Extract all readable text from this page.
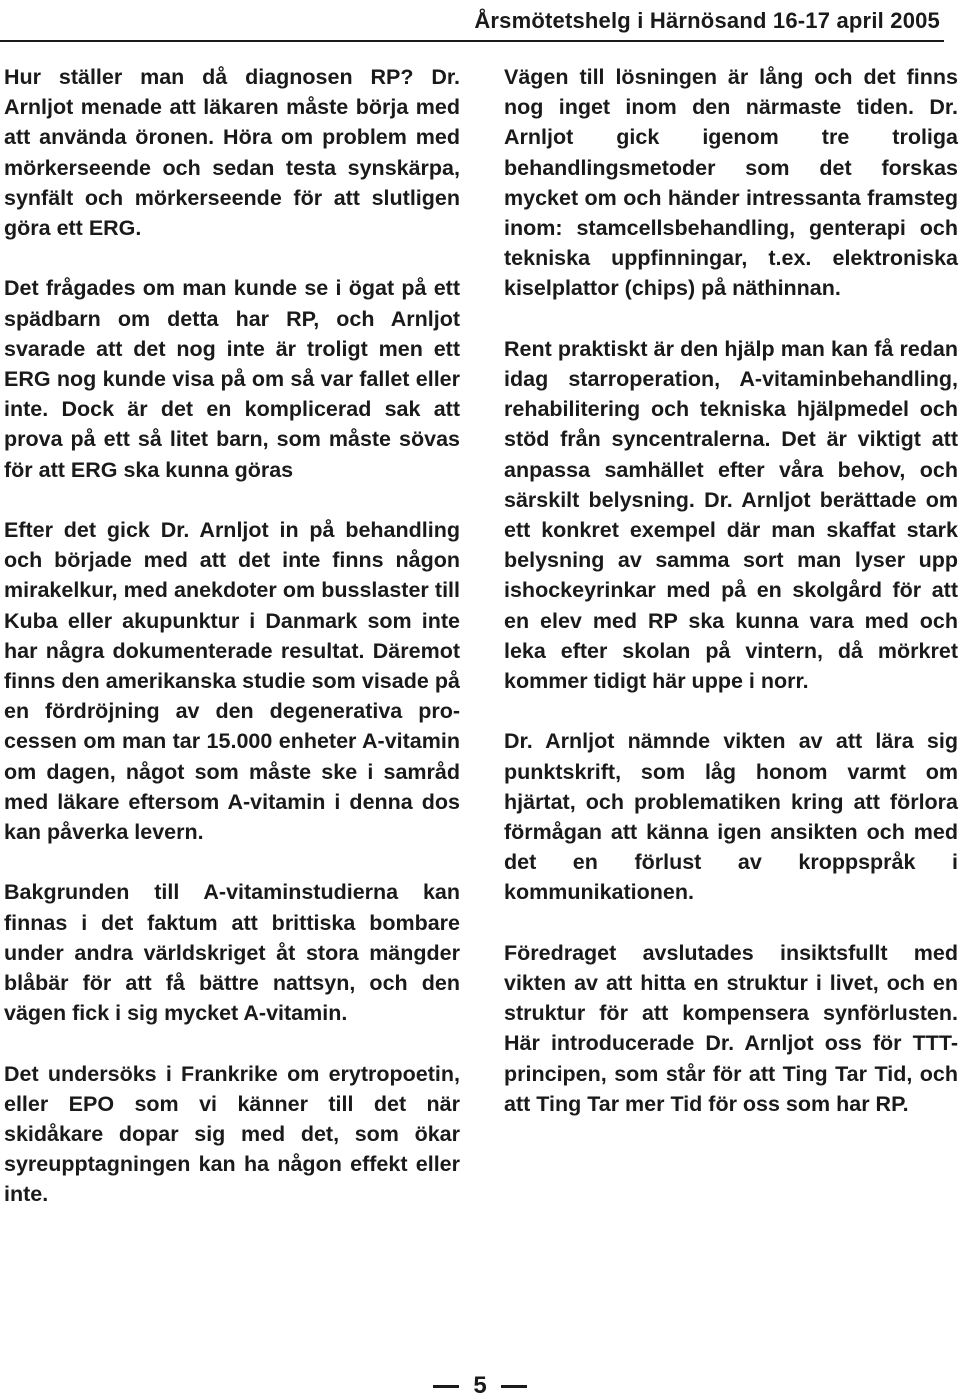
Årsmötetshelg i Härnösand 16-17 april 2005

Hur ställer man då diagnosen RP? Dr. Arnljot menade att läkaren måste börja med att använda öronen. Höra om problem med mörkerseende och sedan testa synskärpa, synfält och mörkerseende för att slutligen göra ett ERG.

Det frågades om man kunde se i ögat på ett spädbarn om detta har RP, och Arnljot svarade att det nog inte är troligt men ett ERG nog kunde visa på om så var fallet eller inte. Dock är det en komplicerad sak att prova på ett så litet barn, som måste sövas för att ERG ska kunna göras

Efter det gick Dr. Arnljot in på behandling och började med att det inte finns någon mirakelkur, med anekdoter om busslaster till Kuba eller akupunktur i Danmark som inte har några dokumenterade resultat. Däremot finns den amerikanska studie som visade på en fördröjning av den degenerativa processen om man tar 15.000 enheter A-vitamin om dagen, något som måste ske i samråd med läkare eftersom A-vitamin i denna dos kan påverka levern.

Bakgrunden till A-vitaminstudierna kan finnas i det faktum att brittiska bombare under andra världskriget åt stora mängder blåbär för att få bättre nattsyn, och den vägen fick i sig mycket A-vitamin.

Det undersöks i Frankrike om erytropoetin, eller EPO som vi känner till det när skidåkare dopar sig med det, som ökar syreupptagningen kan ha någon effekt eller inte.

Vägen till lösningen är lång och det finns nog inget inom den närmaste tiden. Dr. Arnljot gick igenom tre troliga behandlingsmetoder som det forskas mycket om och händer intressanta framsteg inom: stamcellsbehandling, genterapi och tekniska uppfinningar, t.ex. elektroniska kiselplattor (chips) på näthinnan.

Rent praktiskt är den hjälp man kan få redan idag starroperation, A-vitaminbehandling, rehabilitering och tekniska hjälpmedel och stöd från syncentralerna. Det är viktigt att anpassa samhället efter våra behov, och särskilt belysning. Dr. Arnljot berättade om ett konkret exempel där man skaffat stark belysning av samma sort man lyser upp ishockeyrinkar med på en skolgård för att en elev med RP ska kunna vara med och leka efter skolan på vintern, då mörkret kommer tidigt här uppe i norr.

Dr. Arnljot nämnde vikten av att lära sig punktskrift, som låg honom varmt om hjärtat, och problematiken kring att förlora förmågan att känna igen ansikten och med det en förlust av kroppspråk i kommunikationen.

Föredraget avslutades insiktsfullt med vikten av att hitta en struktur i livet, och en struktur för att kompensera synförlusten. Här introducerade Dr. Arnljot oss för TTT-principen, som står för att Ting Tar Tid, och att Ting Tar mer Tid för oss som har RP.

5
